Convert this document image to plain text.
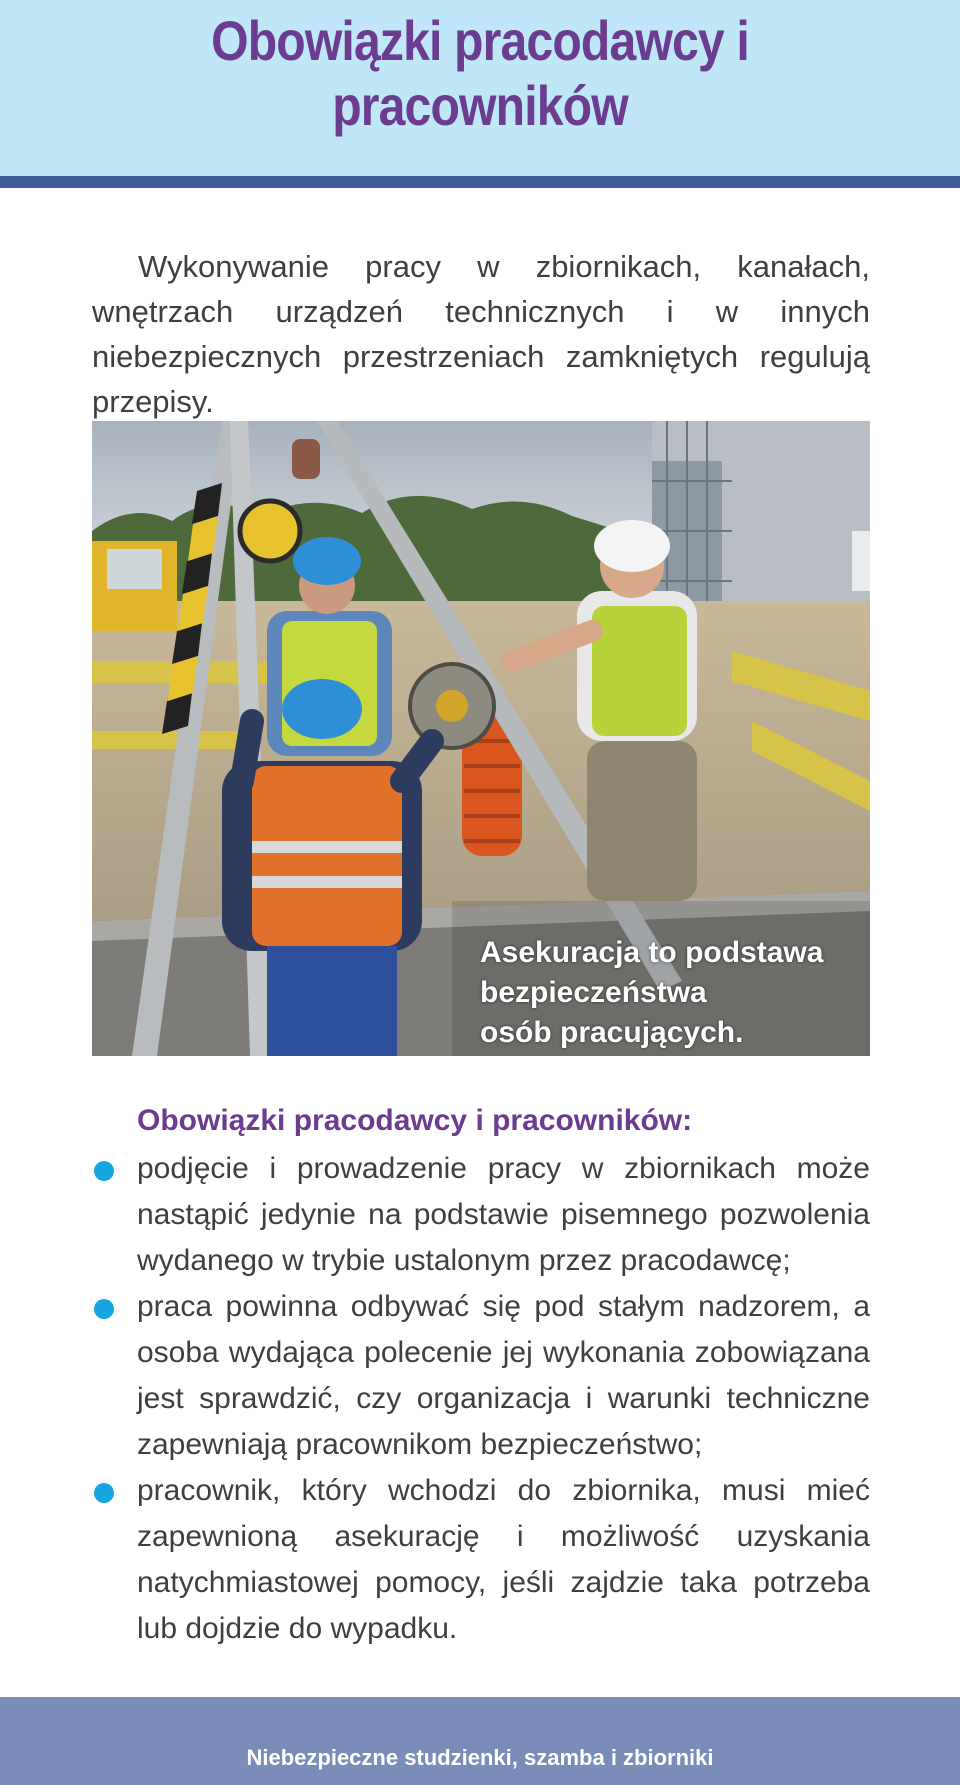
Obowiązki pracodawcy i pracowników

Wykonywanie pracy w zbiornikach, kanałach, wnętrzach urządzeń technicznych i w innych niebezpiecznych przestrzeniach zamkniętych regulują przepisy.

Asekuracja to podstawa
bezpieczeństwa
osób pracujących.
Obowiązki pracodawcy i pracowników:
podjęcie i prowadzenie pracy w zbiornikach może nastąpić jedynie na podstawie pisemnego pozwolenia wydanego w trybie ustalonym przez pracodawcę;
praca powinna odbywać się pod stałym nadzorem, a osoba wydająca polecenie jej wykonania zobowiązana jest sprawdzić, czy organizacja i warunki techniczne zapewniają pracownikom bezpieczeństwo;
pracownik, który wchodzi do zbiornika, musi mieć zapewnioną asekurację i możliwość uzyskania natychmiastowej pomocy, jeśli zajdzie taka potrzeba lub dojdzie do wypadku.
Niebezpieczne studzienki, szamba i zbiorniki
